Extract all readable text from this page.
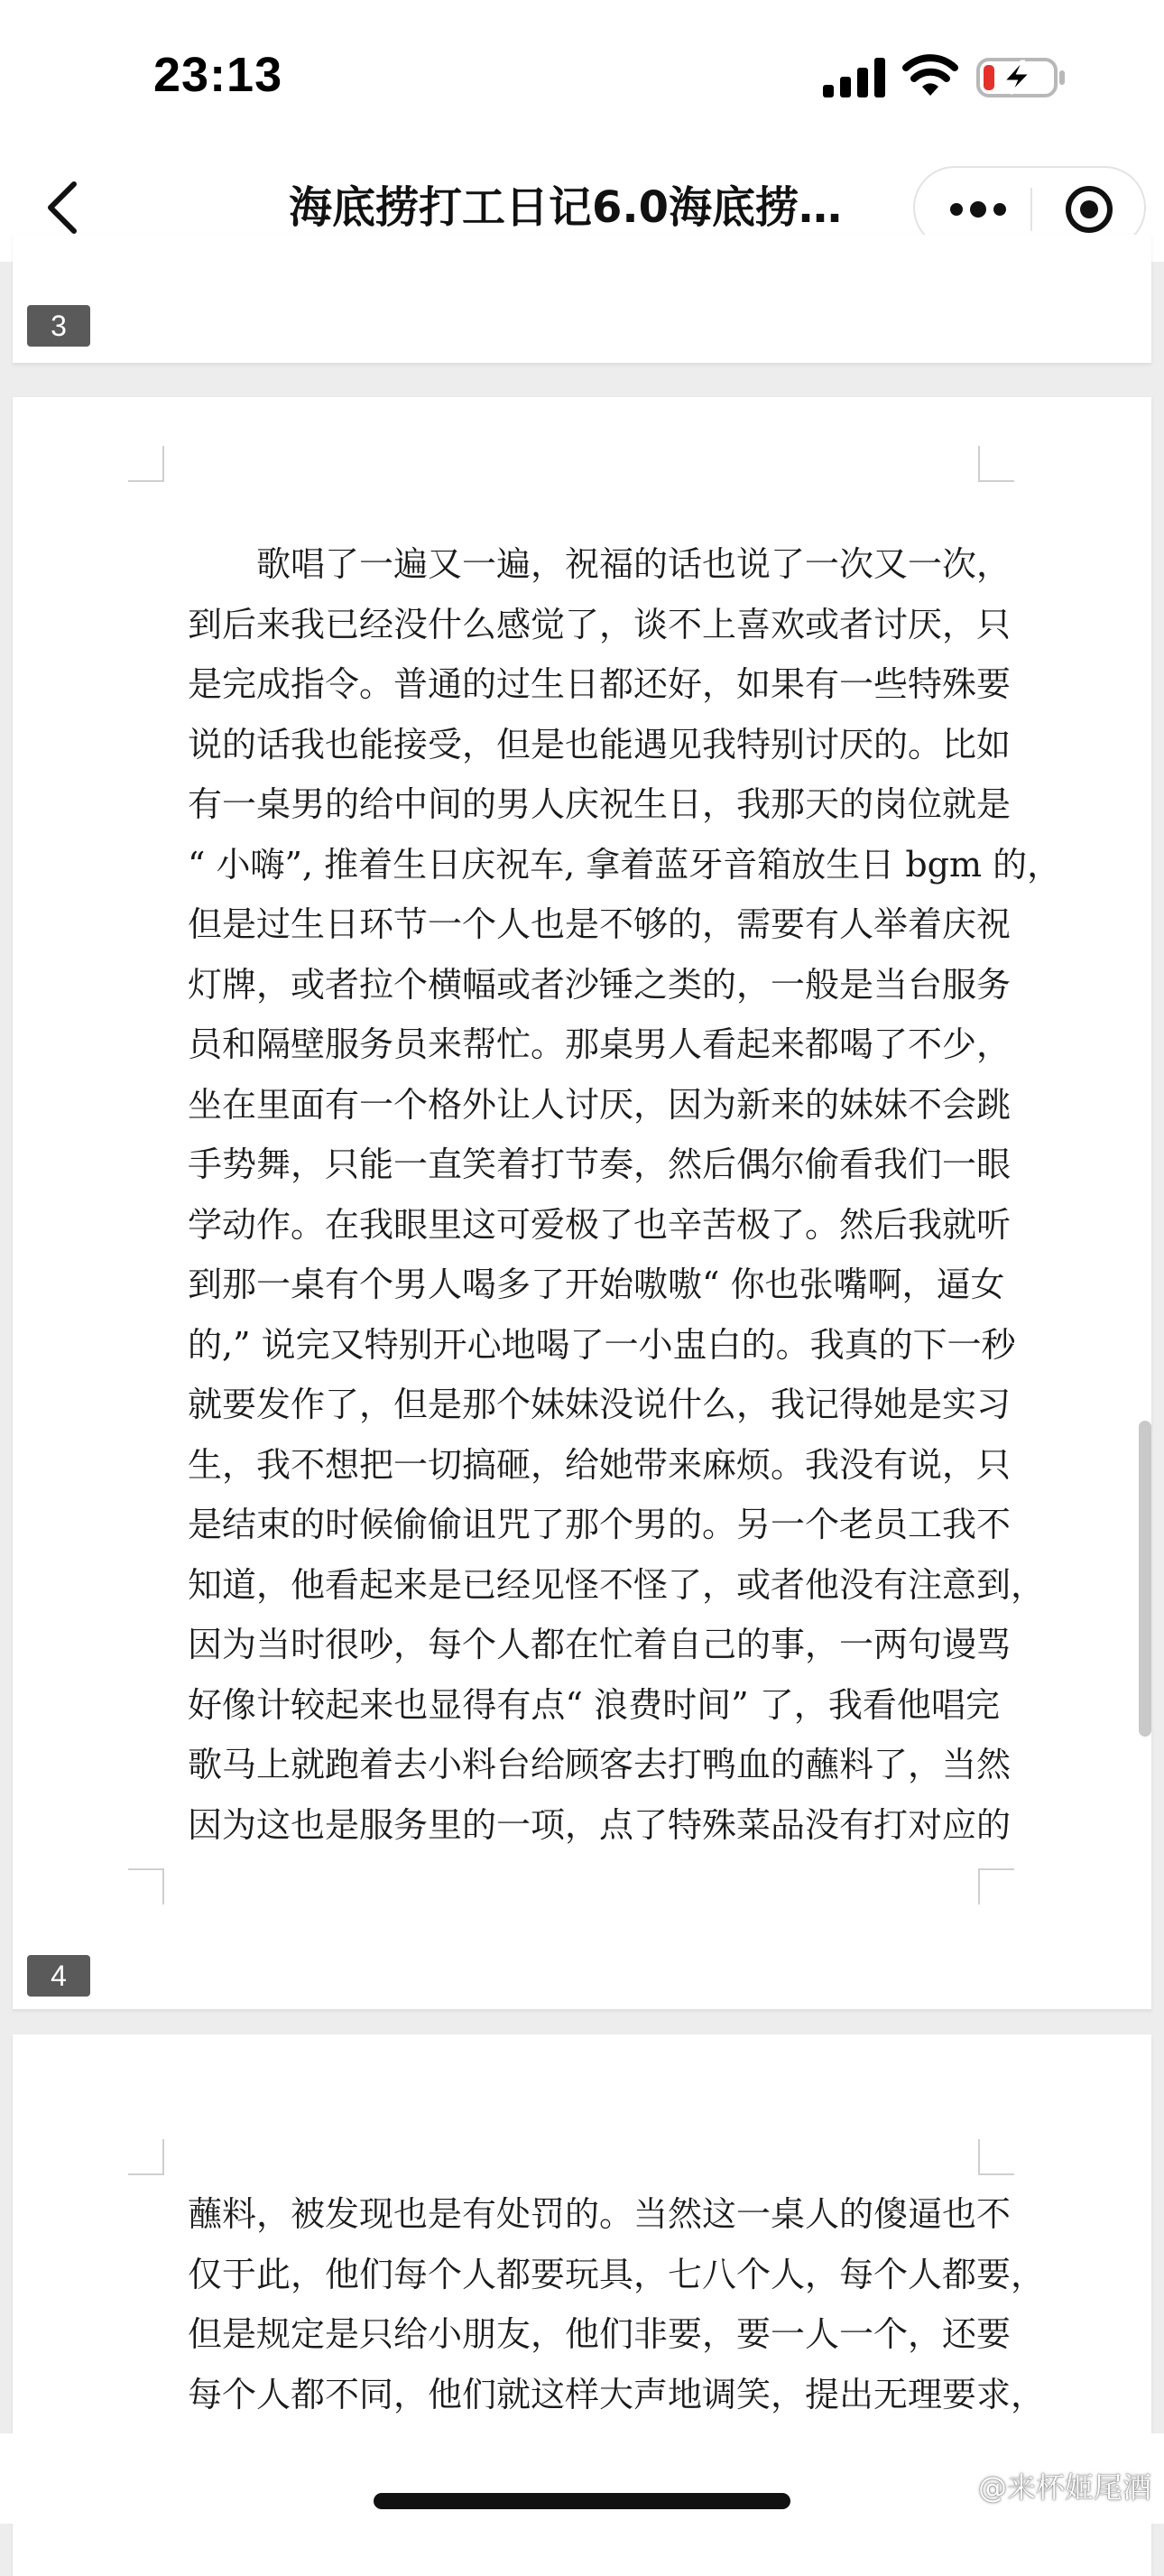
23:13
海底捞打工日记6.0海底捞…
3
　　歌唱了一遍又一遍，祝福的话也说了一次又一次，
到后来我已经没什么感觉了，谈不上喜欢或者讨厌，只
是完成指令。普通的过生日都还好，如果有一些特殊要
说的话我也能接受，但是也能遇见我特别讨厌的。比如
有一桌男的给中间的男人庆祝生日，我那天的岗位就是
“ 小嗨”, 推着生日庆祝车, 拿着蓝牙音箱放生日 bgm 的，
但是过生日环节一个人也是不够的，需要有人举着庆祝
灯牌，或者拉个横幅或者沙锤之类的，一般是当台服务
员和隔壁服务员来帮忙。那桌男人看起来都喝了不少，
坐在里面有一个格外让人讨厌，因为新来的妹妹不会跳
手势舞，只能一直笑着打节奏，然后偶尔偷看我们一眼
学动作。在我眼里这可爱极了也辛苦极了。然后我就听
到那一桌有个男人喝多了开始嗷嗷“ 你也张嘴啊，逼女
的,” 说完又特别开心地喝了一小盅白的。我真的下一秒
就要发作了，但是那个妹妹没说什么，我记得她是实习
生，我不想把一切搞砸，给她带来麻烦。我没有说，只
是结束的时候偷偷诅咒了那个男的。另一个老员工我不
知道，他看起来是已经见怪不怪了，或者他没有注意到，
因为当时很吵，每个人都在忙着自己的事，一两句谩骂
好像计较起来也显得有点“ 浪费时间” 了，我看他唱完
歌马上就跑着去小料台给顾客去打鸭血的蘸料了，当然
因为这也是服务里的一项，点了特殊菜品没有打对应的
4
蘸料，被发现也是有处罚的。当然这一桌人的傻逼也不
仅于此，他们每个人都要玩具，七八个人，每个人都要，
但是规定是只给小朋友，他们非要，要一人一个，还要
每个人都不同，他们就这样大声地调笑，提出无理要求，
@来杯姬尾酒
